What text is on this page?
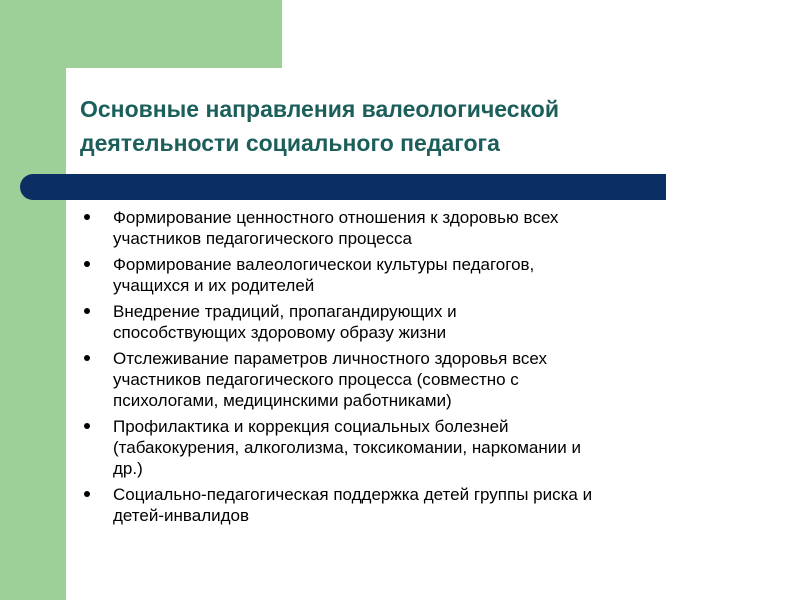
Основные направления валеологической
деятельности социального педагога
Формирование ценностного отношения к здоровью всех
участников педагогического процесса
Формирование валеологическои культуры педагогов,
учащихся и их родителей
Внедрение традиций, пропагандирующих и
способствующих здоровому образу жизни
Отслеживание параметров личностного здоровья всех
участников педагогического процесса (совместно с
психологами, медицинскими работниками)
Профилактика и коррекция социальных болезней
(табакокурения, алкоголизма, токсикомании, наркомании и
др.)
Социально-педагогическая поддержка детей группы риска и
детей-инвалидов
